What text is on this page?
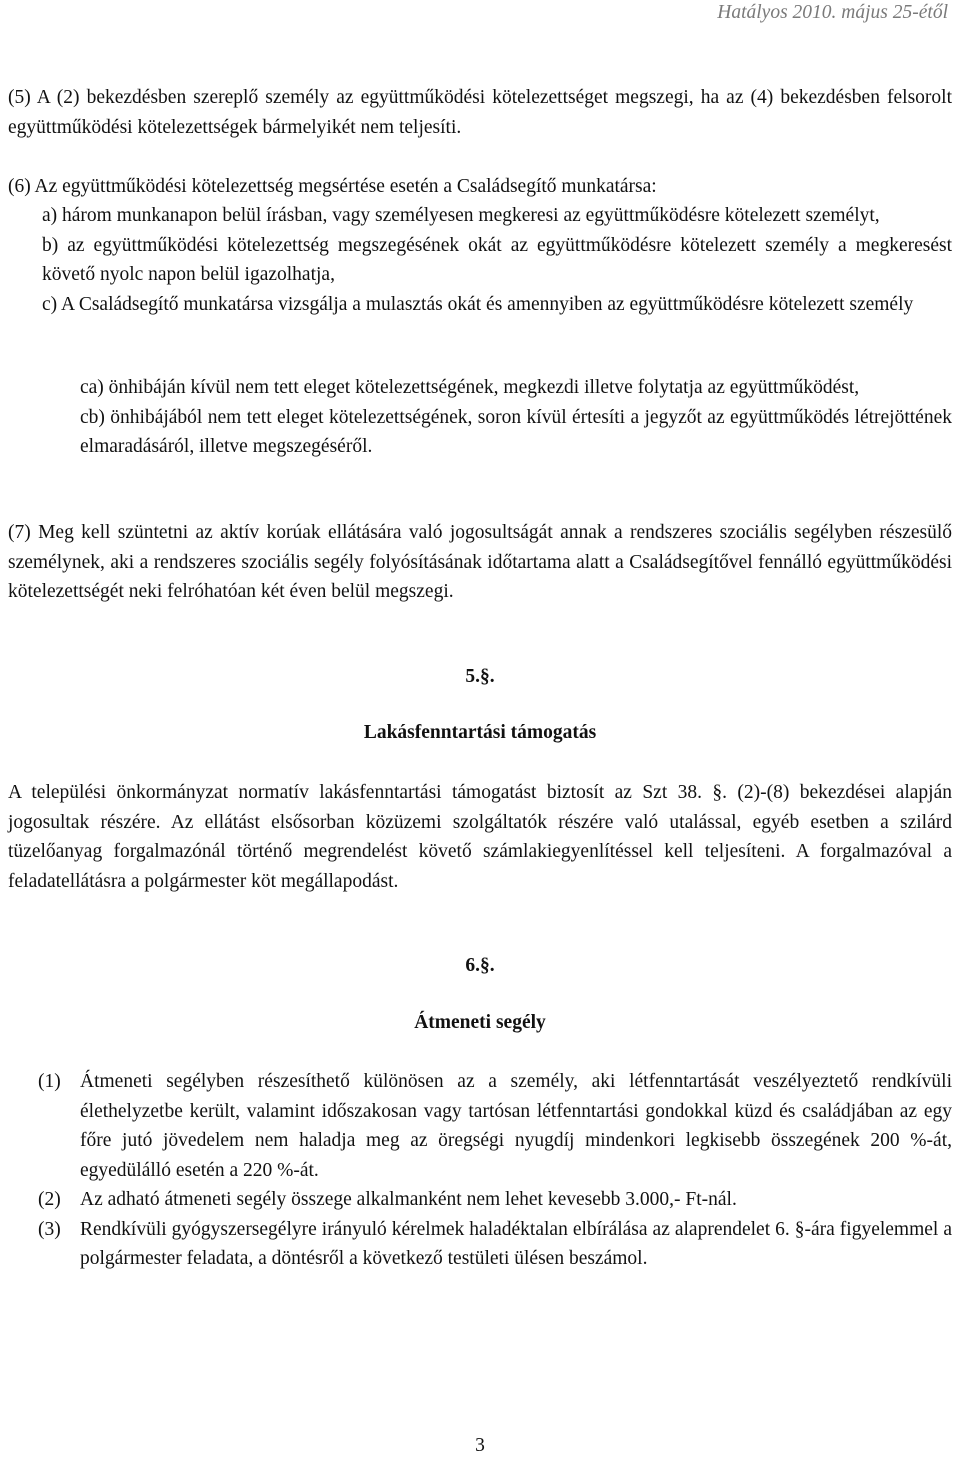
Hatályos 2010. május 25-étől

(5) A (2) bekezdésben szereplő személy az együttműködési kötelezettséget megszegi, ha az (4) bekezdésben felsorolt együttműködési kötelezettségek bármelyikét nem teljesíti.

(6) Az együttműködési kötelezettség megsértése esetén a Családsegítő munkatársa:

a) három munkanapon belül írásban, vagy személyesen megkeresi az együttműködésre kötelezett személyt,

b) az együttműködési kötelezettség megszegésének okát az együttműködésre kötelezett személy a megkeresést követő nyolc napon belül igazolhatja,

c) A Családsegítő munkatársa vizsgálja a mulasztás okát és amennyiben az együttműködésre kötelezett személy

ca) önhibáján kívül nem tett eleget kötelezettségének, megkezdi illetve folytatja az együttműködést,

cb) önhibájából nem tett eleget kötelezettségének, soron kívül értesíti a jegyzőt az együttműködés létrejöttének elmaradásáról, illetve megszegéséről.

(7) Meg kell szüntetni az aktív korúak ellátására való jogosultságát annak a rendszeres szociális segélyben részesülő személynek, aki a rendszeres szociális segély folyósításának időtartama alatt a Családsegítővel fennálló együttműködési kötelezettségét neki felróhatóan két éven belül megszegi.

5.§.
Lakásfenntartási támogatás

A települési önkormányzat normatív lakásfenntartási támogatást biztosít az Szt 38. §. (2)-(8) bekezdései alapján jogosultak részére. Az ellátást elsősorban közüzemi szolgáltatók részére való utalással, egyéb esetben a szilárd tüzelőanyag forgalmazónál történő megrendelést követő számlakiegyenlítéssel kell teljesíteni. A forgalmazóval a feladatellátásra a polgármester köt megállapodást.

6.§.
Átmeneti segély
(1) Átmeneti segélyben részesíthető különösen az a személy, aki létfenntartását veszélyeztető rendkívüli élethelyzetbe került, valamint időszakosan vagy tartósan létfenntartási gondokkal küzd és családjában az egy főre jutó jövedelem nem haladja meg az öregségi nyugdíj mindenkori legkisebb összegének 200 %-át, egyedülálló esetén a 220 %-át.
(2) Az adható átmeneti segély összege alkalmanként nem lehet kevesebb 3.000,- Ft-nál.
(3) Rendkívüli gyógyszersegélyre irányuló kérelmek haladéktalan elbírálása az alaprendelet 6. §-ára figyelemmel a polgármester feladata, a döntésről a következő testületi ülésen beszámol.
3
